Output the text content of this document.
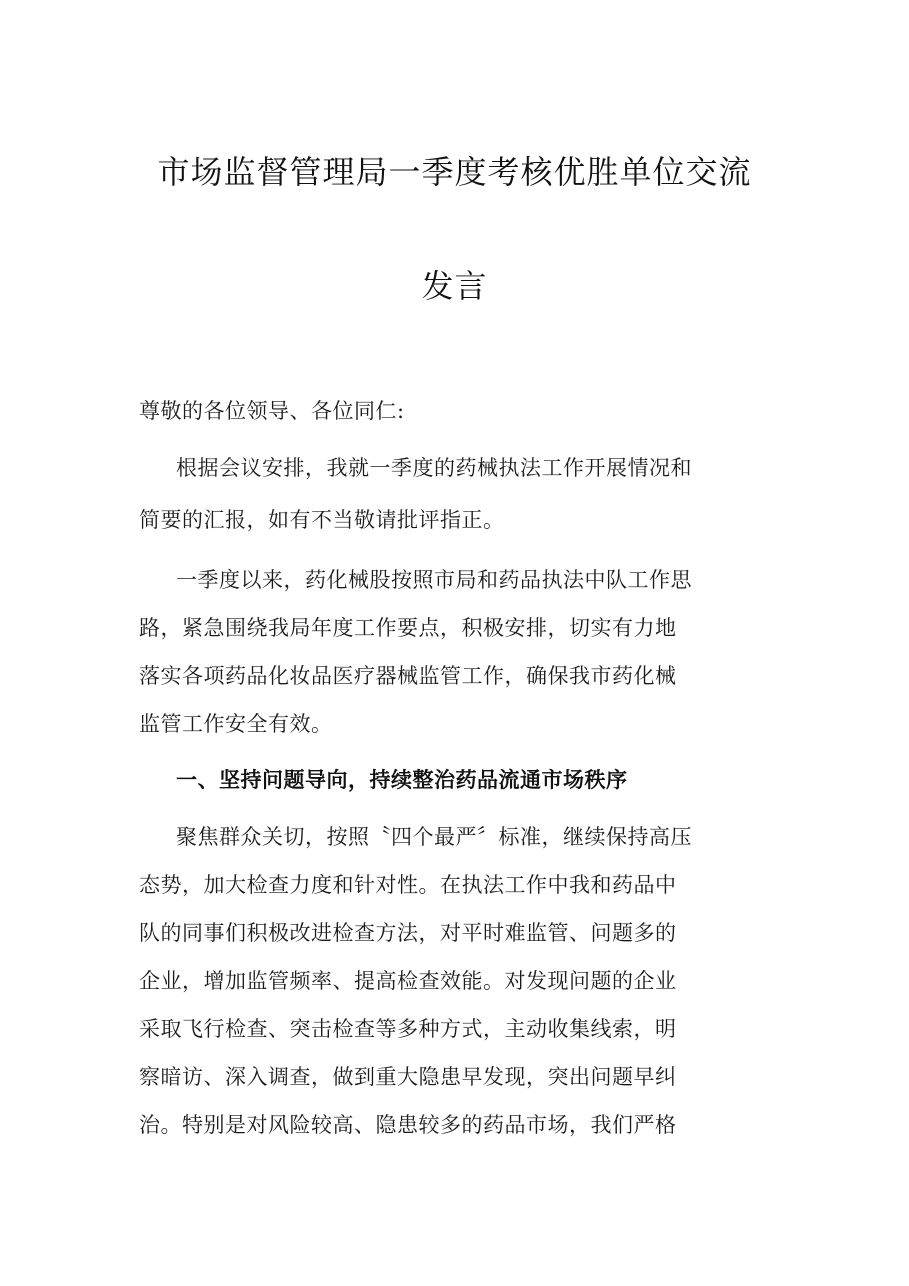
市场监督管理局一季度考核优胜单位交流
发言
尊敬的各位领导、各位同仁:
根据会议安排，我就一季度的药械执法工作开展情况和
简要的汇报，如有不当敬请批评指正。
一季度以来，药化械股按照市局和药品执法中队工作思
路，紧急围绕我局年度工作要点，积极安排，切实有力地
落实各项药品化妆品医疗器械监管工作，确保我市药化械
监管工作安全有效。
一、坚持问题导向，持续整治药品流通市场秩序
聚焦群众关切，按照〝四个最严〞标准，继续保持高压
态势，加大检查力度和针对性。在执法工作中我和药品中
队的同事们积极改进检查方法，对平时难监管、问题多的
企业，增加监管频率、提高检查效能。对发现问题的企业
采取飞行检查、突击检查等多种方式，主动收集线索，明
察暗访、深入调查，做到重大隐患早发现，突出问题早纠
治。特别是对风险较高、隐患较多的药品市场，我们严格
